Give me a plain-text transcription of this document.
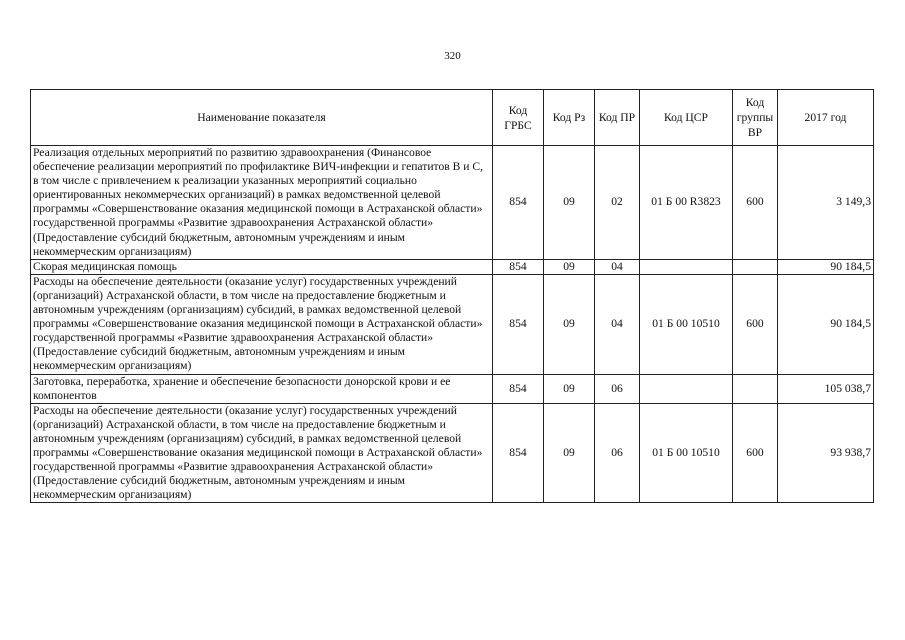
320
Наименование показателя	Код ГРБС	Код Рз	Код ПР	Код ЦСР	Код группы ВР	2017 год
Реализация отдельных мероприятий по развитию здравоохранения (Финансовое обеспечение реализации мероприятий по профилактике ВИЧ-инфекции и гепатитов В и С, в том числе с привлечением к реализации указанных мероприятий социально ориентированных некоммерческих организаций) в рамках ведомственной целевой программы «Совершенствование оказания медицинской помощи в Астраханской области» государственной программы «Развитие здравоохранения Астраханской области» (Предоставление субсидий бюджетным, автономным учреждениям и иным некоммерческим организациям)	854	09	02	01 Б 00 R3823	600	3 149,3
Скорая медицинская помощь	854	09	04			90 184,5
Расходы на обеспечение деятельности (оказание услуг) государственных учреждений (организаций) Астраханской области, в том числе на предоставление бюджетным и автономным учреждениям (организациям) субсидий, в рамках ведомственной целевой программы «Совершенствование оказания медицинской помощи в Астраханской области» государственной программы «Развитие здравоохранения Астраханской области» (Предоставление субсидий бюджетным, автономным учреждениям и иным некоммерческим организациям)	854	09	04	01 Б 00 10510	600	90 184,5
Заготовка, переработка, хранение и обеспечение безопасности донорской крови и ее компонентов	854	09	06			105 038,7
Расходы на обеспечение деятельности (оказание услуг) государственных учреждений (организаций) Астраханской области, в том числе на предоставление бюджетным и автономным учреждениям (организациям) субсидий, в рамках ведомственной целевой программы «Совершенствование оказания медицинской помощи в Астраханской области» государственной программы «Развитие здравоохранения Астраханской области» (Предоставление субсидий бюджетным, автономным учреждениям и иным некоммерческим организациям)	854	09	06	01 Б 00 10510	600	93 938,7
